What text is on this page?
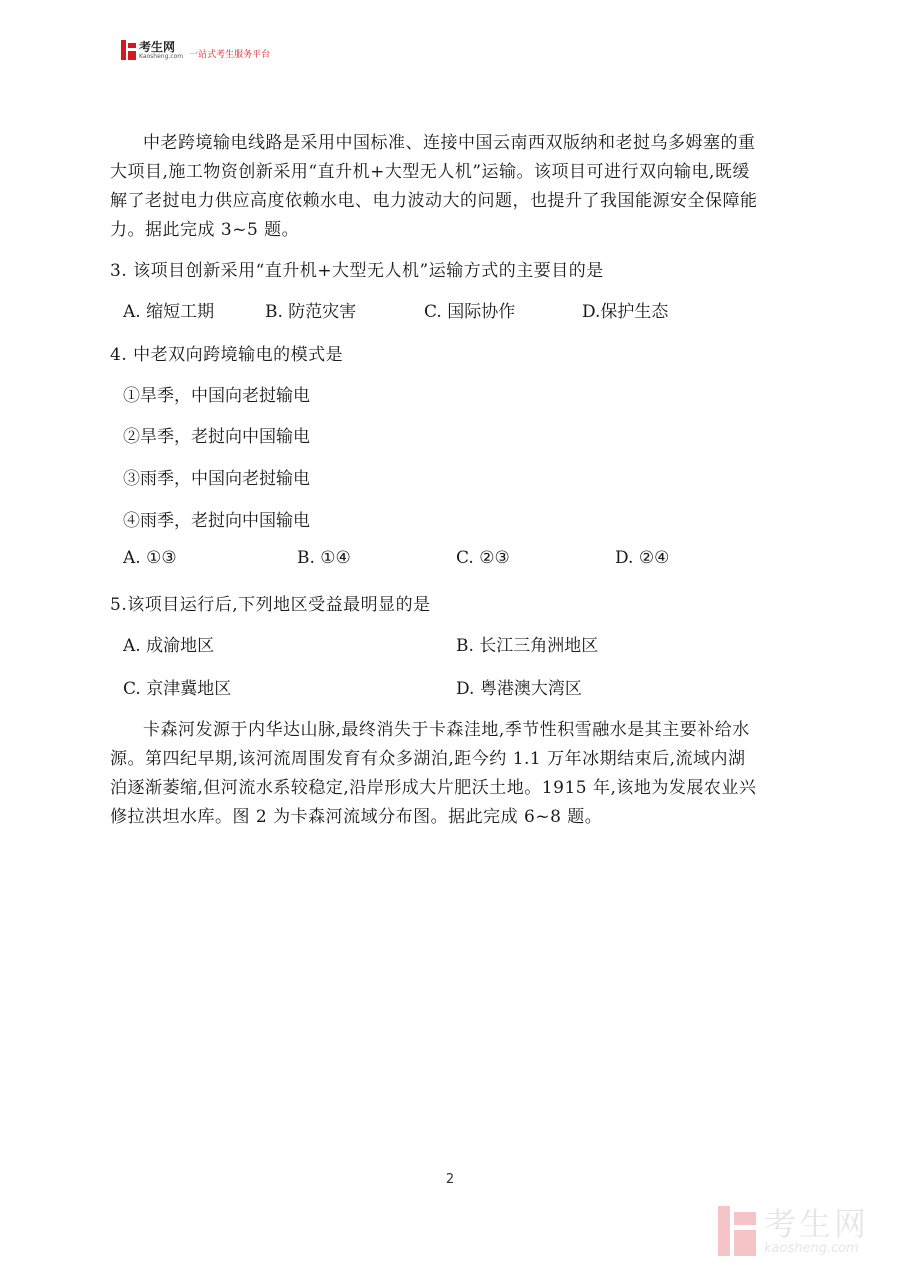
考生网
Kaosheng.com 一站式考生服务平台
中老跨境输电线路是采用中国标准、连接中国云南西双版纳和老挝乌多姆塞的重
大项目,施工物资创新采用“直升机+大型无人机”运输。该项目可进行双向输电,既缓
解了老挝电力供应高度依赖水电、电力波动大的问题，也提升了我国能源安全保障能
力。据此完成 3~5 题。
3. 该项目创新采用“直升机+大型无人机”运输方式的主要目的是
A. 缩短工期	B. 防范灾害	C. 国际协作	D.保护生态
4. 中老双向跨境输电的模式是
①旱季，中国向老挝输电
②旱季，老挝向中国输电
③雨季，中国向老挝输电
④雨季，老挝向中国输电
A. ①③	B. ①④	C. ②③	D. ②④
5.该项目运行后,下列地区受益最明显的是
A. 成渝地区	B. 长江三角洲地区
C. 京津冀地区	D. 粤港澳大湾区
卡森河发源于内华达山脉,最终消失于卡森洼地,季节性积雪融水是其主要补给水
源。第四纪早期,该河流周围发育有众多湖泊,距今约 1.1 万年冰期结束后,流域内湖
泊逐渐萎缩,但河流水系较稳定,沿岸形成大片肥沃土地。1915 年,该地为发展农业兴
修拉洪坦水库。图 2 为卡森河流域分布图。据此完成 6~8 题。
2
考生网
kaosheng.com
